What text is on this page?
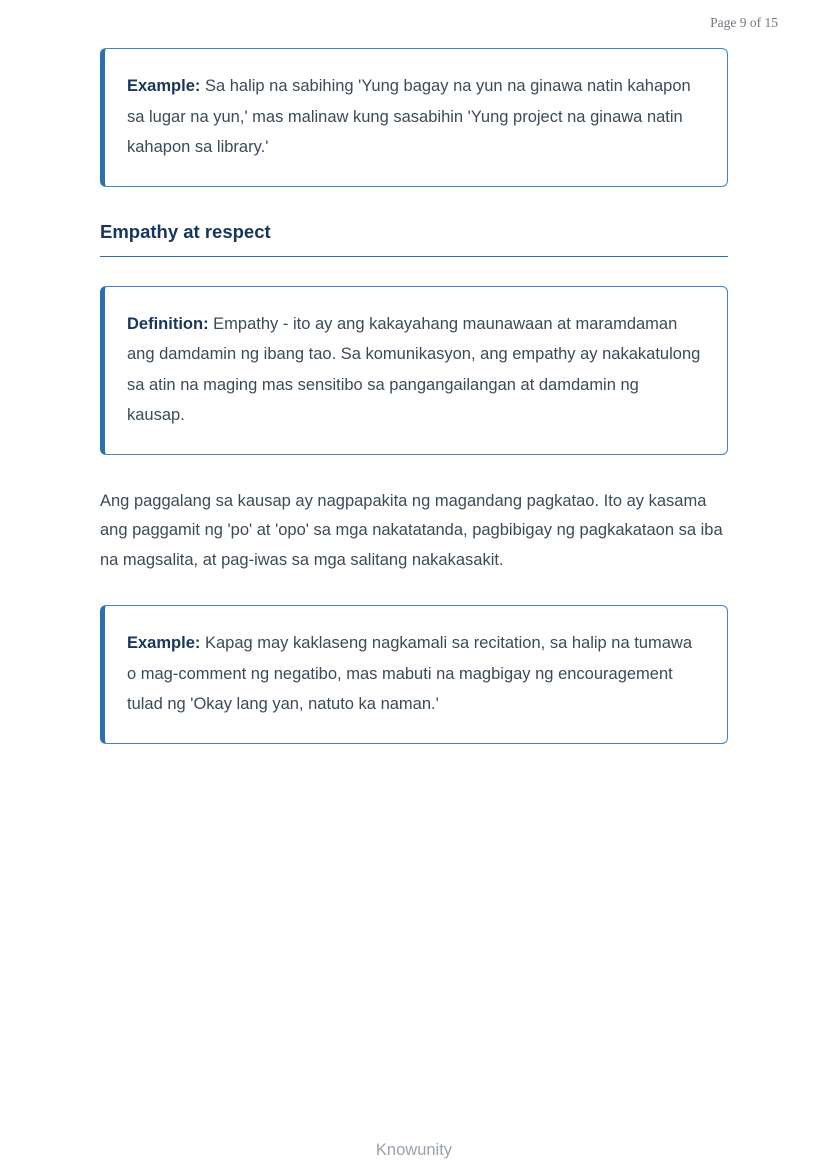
Page 9 of 15

Example: Sa halip na sabihing 'Yung bagay na yun na ginawa natin kahapon sa lugar na yun,' mas malinaw kung sasabihin 'Yung project na ginawa natin kahapon sa library.'

Empathy at respect

Definition: Empathy - ito ay ang kakayahang maunawaan at maramdaman ang damdamin ng ibang tao. Sa komunikasyon, ang empathy ay nakakatulong sa atin na maging mas sensitibo sa pangangailangan at damdamin ng kausap.

Ang paggalang sa kausap ay nagpapakita ng magandang pagkatao. Ito ay kasama ang paggamit ng 'po' at 'opo' sa mga nakatatanda, pagbibigay ng pagkakataon sa iba na magsalita, at pag-iwas sa mga salitang nakakasakit.

Example: Kapag may kaklaseng nagkamali sa recitation, sa halip na tumawa o mag-comment ng negatibo, mas mabuti na magbigay ng encouragement tulad ng 'Okay lang yan, natuto ka naman.'

Knowunity
